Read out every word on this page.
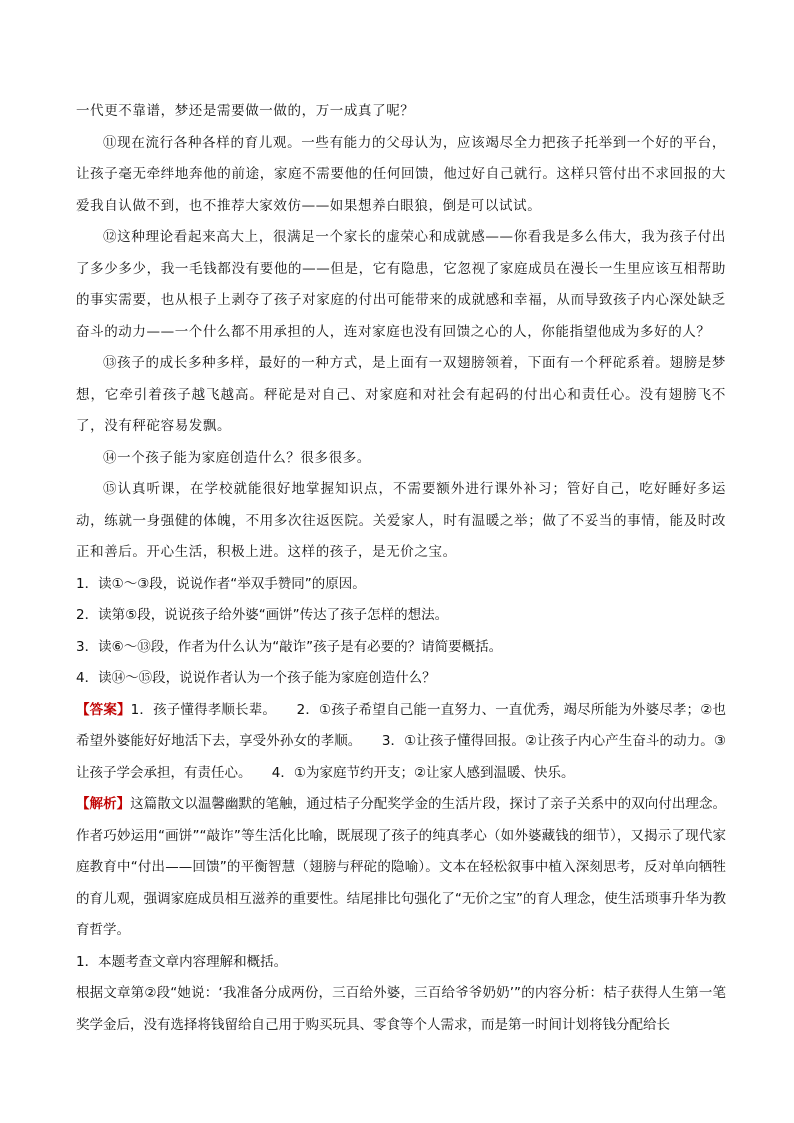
一代更不靠谱，梦还是需要做一做的，万一成真了呢？

⑪现在流行各种各样的育儿观。一些有能力的父母认为，应该竭尽全力把孩子托举到一个好的平台，让孩子毫无牵绊地奔他的前途，家庭不需要他的任何回馈，他过好自己就行。这样只管付出不求回报的大爱我自认做不到，也不推荐大家效仿——如果想养白眼狼，倒是可以试试。

⑫这种理论看起来高大上，很满足一个家长的虚荣心和成就感——你看我是多么伟大，我为孩子付出了多少多少，我一毛钱都没有要他的——但是，它有隐患，它忽视了家庭成员在漫长一生里应该互相帮助的事实需要，也从根子上剥夺了孩子对家庭的付出可能带来的成就感和幸福，从而导致孩子内心深处缺乏奋斗的动力——一个什么都不用承担的人，连对家庭也没有回馈之心的人，你能指望他成为多好的人？

⑬孩子的成长多种多样，最好的一种方式，是上面有一双翅膀领着，下面有一个秤砣系着。翅膀是梦想，它牵引着孩子越飞越高。秤砣是对自己、对家庭和对社会有起码的付出心和责任心。没有翅膀飞不了，没有秤砣容易发飘。

⑭一个孩子能为家庭创造什么？很多很多。

⑮认真听课，在学校就能很好地掌握知识点，不需要额外进行课外补习；管好自己，吃好睡好多运动，练就一身强健的体魄，不用多次往返医院。关爱家人，时有温暖之举；做了不妥当的事情，能及时改正和善后。开心生活，积极上进。这样的孩子，是无价之宝。

1．读①～③段，说说作者“举双手赞同”的原因。

2．读第⑤段，说说孩子给外婆“画饼”传达了孩子怎样的想法。

3．读⑥～⑬段，作者为什么认为“敲诈”孩子是有必要的？请简要概括。

4．读⑭～⑮段，说说作者认为一个孩子能为家庭创造什么？

【答案】1．孩子懂得孝顺长辈。　　2．①孩子希望自己能一直努力、一直优秀，竭尽所能为外婆尽孝；②也希望外婆能好好地活下去，享受外孙女的孝顺。　　3．①让孩子懂得回报。②让孩子内心产生奋斗的动力。③让孩子学会承担，有责任心。　　4．①为家庭节约开支；②让家人感到温暖、快乐。

【解析】这篇散文以温馨幽默的笔触，通过桔子分配奖学金的生活片段，探讨了亲子关系中的双向付出理念。作者巧妙运用“画饼”“敲诈”等生活化比喻，既展现了孩子的纯真孝心（如外婆藏钱的细节），又揭示了现代家庭教育中“付出——回馈”的平衡智慧（翅膀与秤砣的隐喻）。文本在轻松叙事中植入深刻思考，反对单向牺牲的育儿观，强调家庭成员相互滋养的重要性。结尾排比句强化了“无价之宝”的育人理念，使生活琐事升华为教育哲学。

1．本题考查文章内容理解和概括。

根据文章第②段“她说：‘我准备分成两份，三百给外婆，三百给爷爷奶奶’”的内容分析：桔子获得人生第一笔奖学金后，没有选择将钱留给自己用于购买玩具、零食等个人需求，而是第一时间计划将钱分配给长
